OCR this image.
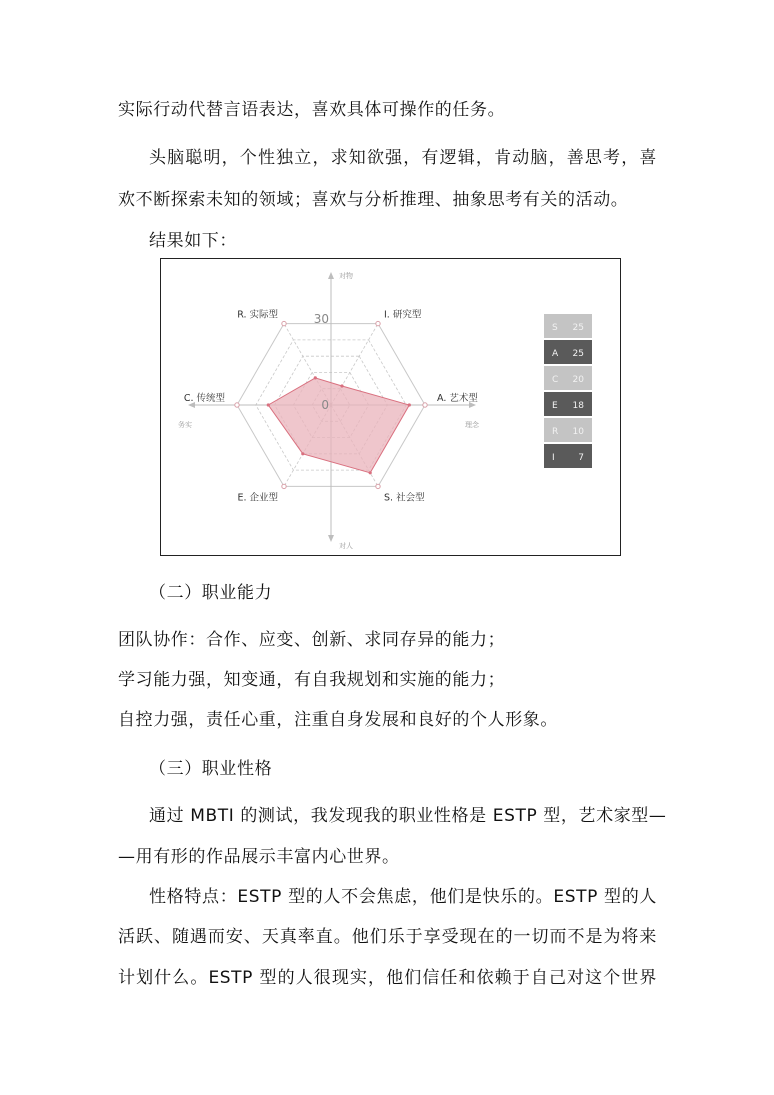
实际行动代替言语表达，喜欢具体可操作的任务。
头脑聪明，个性独立，求知欲强，有逻辑，肯动脑，善思考，喜
欢不断探索未知的领域；喜欢与分析推理、抽象思考有关的活动。
结果如下：
I. 研究型
A. 艺术型
S. 社会型
E. 企业型
C. 传统型
R. 实际型
0
30
对物
对人
务实	理念
S 25
A 25
C 20
E 18
R 10
I	7
（二）职业能力
团队协作：合作、应变、创新、求同存异的能力；
学习能力强，知变通，有自我规划和实施的能力；
自控力强，责任心重，注重自身发展和良好的个人形象。
（三）职业性格
通过 MBTI 的测试，我发现我的职业性格是 ESTP 型，艺术家型—
—用有形的作品展示丰富内心世界。
性格特点：ESTP 型的人不会焦虑，他们是快乐的。ESTP 型的人
活跃、随遇而安、天真率直。他们乐于享受现在的一切而不是为将来
计划什么。ESTP 型的人很现实，他们信任和依赖于自己对这个世界
